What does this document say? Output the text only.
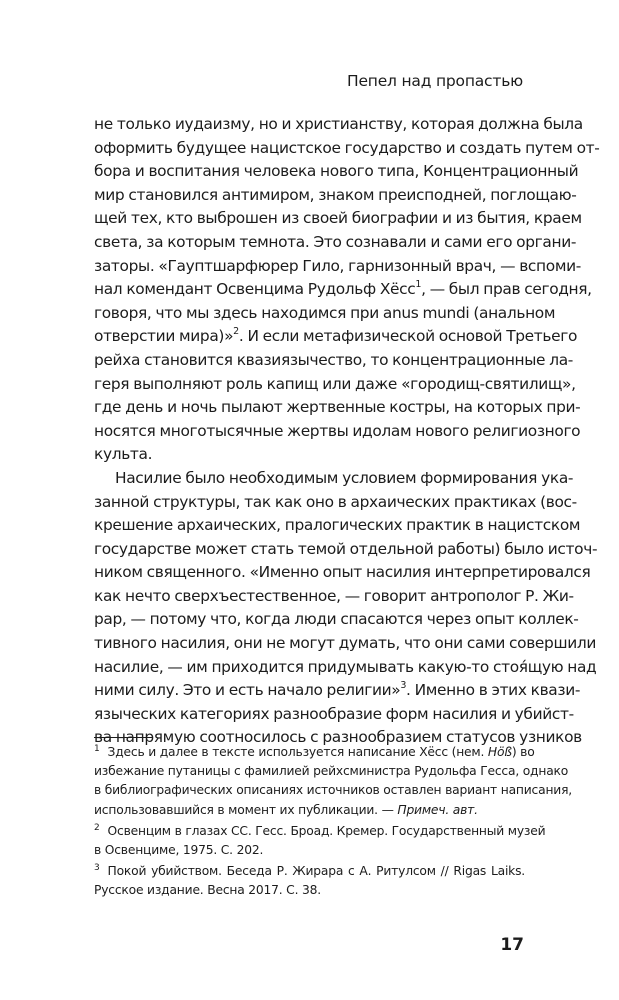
Пепел над пропастью

не только иудаизму, но и христианству, которая должна была
оформить будущее нацистское государство и создать путем от-
бора и воспитания человека нового типа, Концентрационный
мир становился антимиром, знаком преисподней, поглощаю-
щей тех, кто выброшен из своей биографии и из бытия, краем
света, за которым темнота. Это сознавали и сами его органи-
заторы. «Гауптшарфюрер Гило, гарнизонный врач, — вспоми-
нал комендант Освенцима Рудольф Хёсс$^1$, — был прав сегодня,
говоря, что мы здесь находимся при anus mundi (анальном
отверстии мира)»$^2$. И если метафизической основой Третьего
рейха становится квазиязычество, то концентрационные ла-
геря выполняют роль капищ или даже «городищ-святилищ»,
где день и ночь пылают жертвенные костры, на которых при-
носятся многотысячные жертвы идолам нового религиозного
культа.

Насилие было необходимым условием формирования ука-
занной структуры, так как оно в архаических практиках (вос-
крешение архаических, пралогических практик в нацистском
государстве может стать темой отдельной работы) было источ-
ником священного. «Именно опыт насилия интерпретировался
как нечто сверхъестественное, — говорит антрополог Р. Жи-
рар, — потому что, когда люди спасаются через опыт коллек-
тивного насилия, они не могут думать, что они сами совершили
насилие, — им приходится придумывать какую-то стоя́щую над
ними силу. Это и есть начало религии»$^3$. Именно в этих квази-
языческих категориях разнообразие форм насилия и убийст-
ва напрямую соотносилось с разнообразием статусов узников

1 Здесь и далее в тексте используется написание Хёсс (нем. Höß) во
избежание путаницы с фамилией рейхсминистра Рудольфа Гесса, однако
в библиографических описаниях источников оставлен вариант написания,
использовавшийся в момент их публикации. — Примеч. авт.

2 Освенцим в глазах СС. Гесс. Броад. Кремер. Государственный музей
в Освенциме, 1975. С. 202.

3 Покой убийством. Беседа Р. Жирара с А. Ритулсом // Rigas Laiks.
Русское издание. Весна 2017. С. 38.

17
